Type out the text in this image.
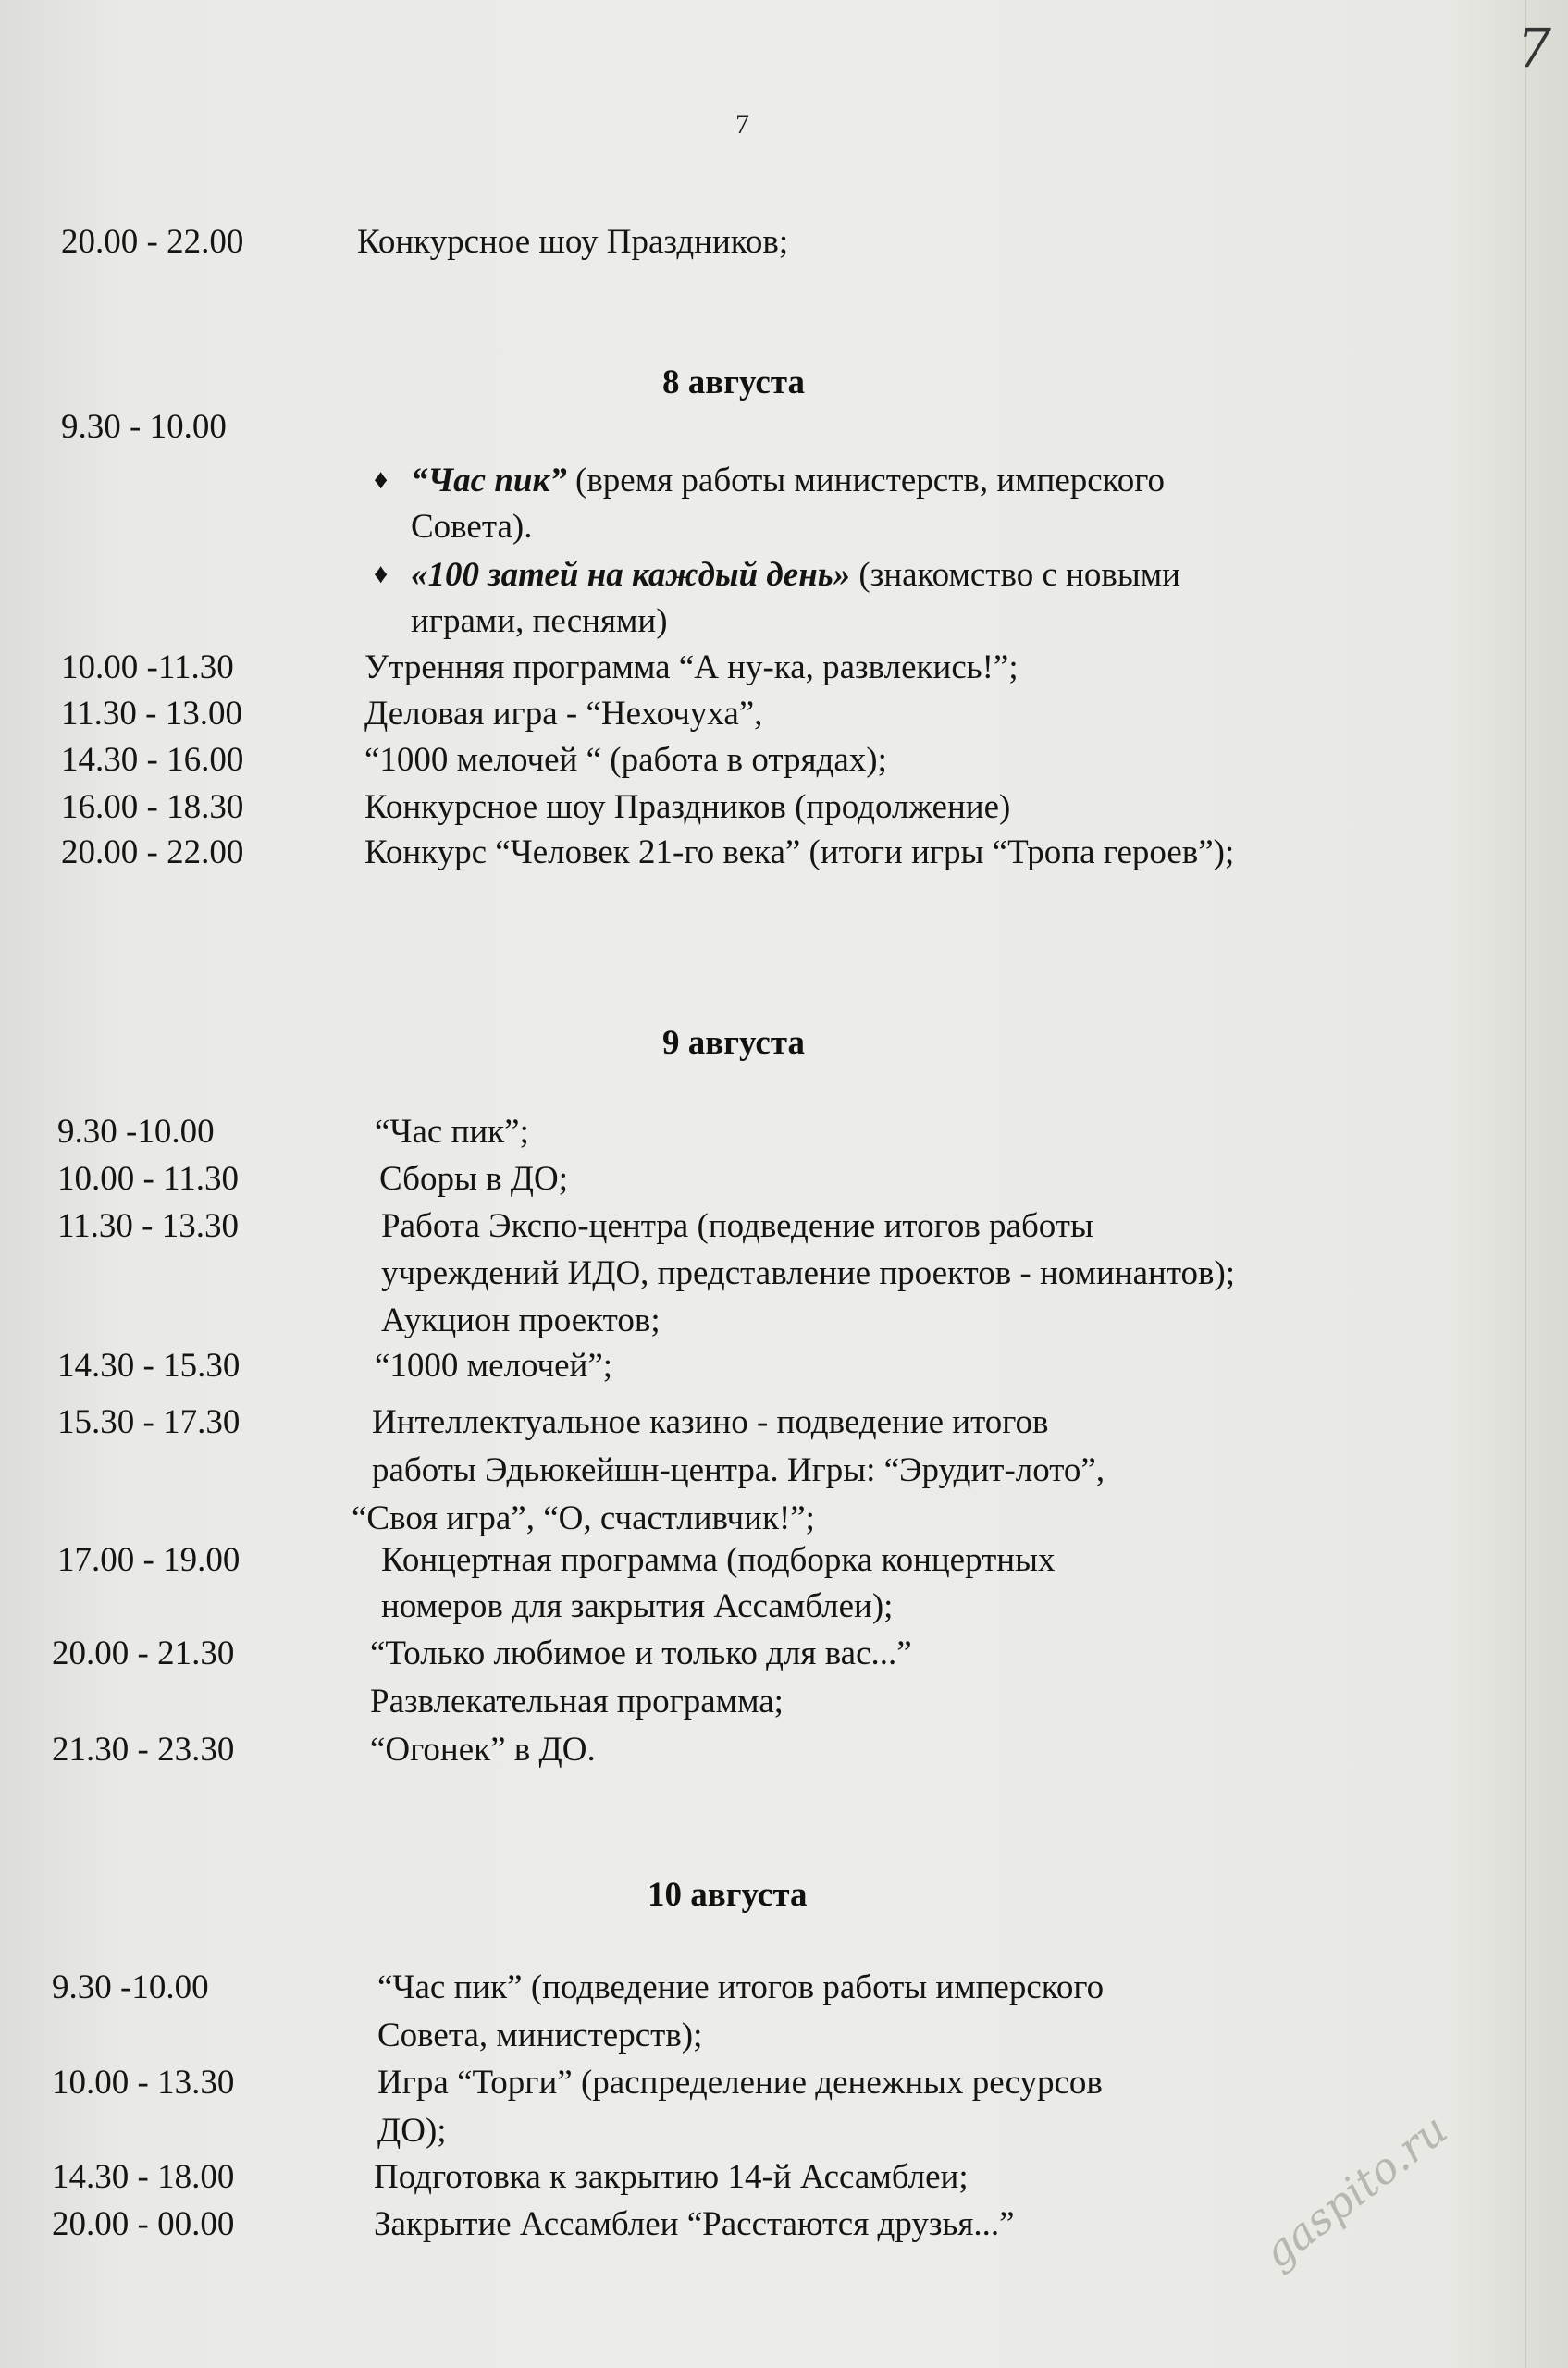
7
7
20.00 - 22.00	Конкурсное шоу Праздников;
8 августа
9.30 - 10.00
♦ “Час пик” (время работы министерств, имперского
Совета).
♦ «100 затей на каждый день» (знакомство с новыми
играми, песнями)
10.00 -11.30	Утренняя программа “А ну-ка, развлекись!”;
11.30 - 13.00	Деловая игра - “Нехочуха”,
14.30 - 16.00	“1000 мелочей “ (работа в отрядах);
16.00 - 18.30	Конкурсное шоу Праздников (продолжение)
20.00 - 22.00	Конкурс “Человек 21-го века” (итоги игры “Тропа героев”);
9 августа
9.30 -10.00	“Час пик”;
10.00 - 11.30	Сборы в ДО;
11.30 - 13.30	Работа Экспо-центра (подведение итогов работы
учреждений ИДО, представление проектов - номинантов);
Аукцион проектов;
14.30 - 15.30	“1000 мелочей”;
15.30 - 17.30	Интеллектуальное казино - подведение итогов
работы Эдьюкейшн-центра. Игры: “Эрудит-лото”,
“Своя игра”, “О, счастливчик!”;
17.00 - 19.00	Концертная программа (подборка концертных
номеров для закрытия Ассамблеи);
20.00 - 21.30	“Только любимое и только для вас...”
Развлекательная программа;
21.30 - 23.30	“Огонек” в ДО.
10 августа
9.30 -10.00	“Час пик” (подведение итогов работы имперского
Совета, министерств);
10.00 - 13.30	Игра “Торги” (распределение денежных ресурсов
ДО);
14.30 - 18.00	Подготовка к закрытию 14-й Ассамблеи;
20.00 - 00.00	Закрытие Ассамблеи “Расстаются друзья...”	gaspito.ru
